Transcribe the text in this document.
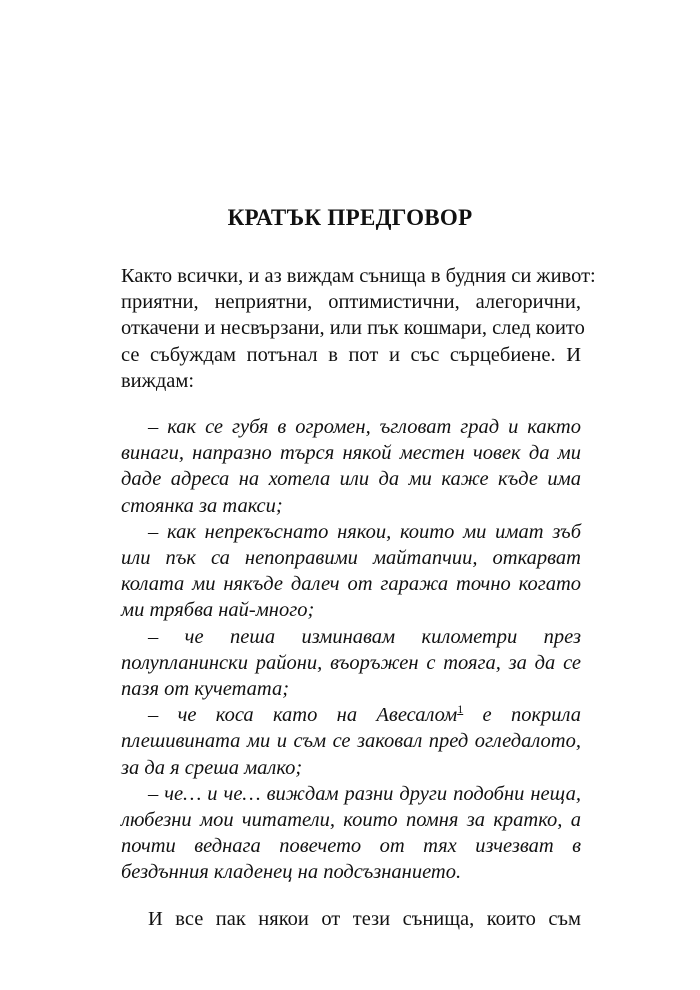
КРАТЪК ПРЕДГОВОР
Както всички, и аз виждам сънища в будния си живот:
приятни, неприятни, оптимистични, алегорични,
откачени и несвързани, или пък кошмари, след които
се събуждам потънал в пот и със сърцебиене. И
виждам:
– как се губя в огромен, ъгловат град и както
винаги, напразно търся някой местен човек да ми
даде адреса на хотела или да ми каже къде има
стоянка за такси;
– как непрекъснато някои, които ми имат зъб
или пък са непоправими майтапчии, откарват
колата ми някъде далеч от гаража точно когато
ми трябва най-много;
– че пеша изминавам километри през
полупланински райони, въоръжен с тояга, за да се
пазя от кучетата;
– че коса като на Авесалом$^1$ е покрила
плешивината ми и съм се заковал пред огледалото,
за да я среша малко;
– че… и че… виждам разни други подобни неща,
любезни мои читатели, които помня за кратко, а
почти веднага повечето от тях изчезват в
бездънния кладенец на подсъзнанието.
И все пак някои от тези сънища, които съм
